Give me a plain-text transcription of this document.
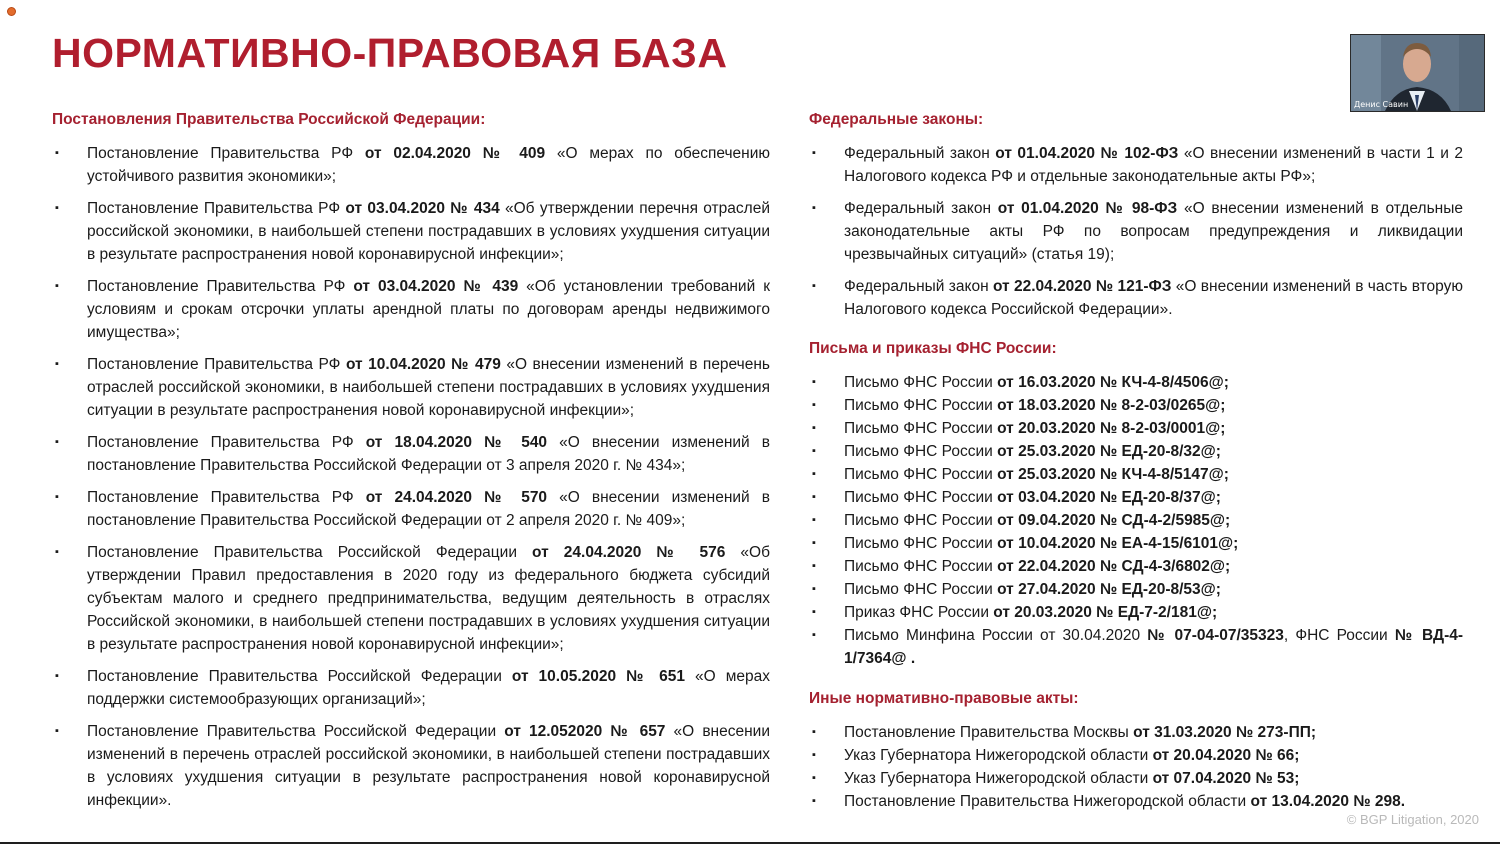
НОРМАТИВНО-ПРАВОВАЯ БАЗА
Денис Савин
Постановления Правительства Российской Федерации:
▪ Постановление Правительства РФ от 02.04.2020 № 409 «О мерах по обеспечению устойчивого развития экономики»;
▪ Постановление Правительства РФ от 03.04.2020 № 434 «Об утверждении перечня отраслей российской экономики, в наибольшей степени пострадавших в условиях ухудшения ситуации в результате распространения новой коронавирусной инфекции»;
▪ Постановление Правительства РФ от 03.04.2020 № 439 «Об установлении требований к условиям и срокам отсрочки уплаты арендной платы по договорам аренды недвижимого имущества»;
▪ Постановление Правительства РФ от 10.04.2020 № 479 «О внесении изменений в перечень отраслей российской экономики, в наибольшей степени пострадавших в условиях ухудшения ситуации в результате распространения новой коронавирусной инфекции»;
▪ Постановление Правительства РФ от 18.04.2020 № 540 «О внесении изменений в постановление Правительства Российской Федерации от 3 апреля 2020 г. № 434»;
▪ Постановление Правительства РФ от 24.04.2020 № 570 «О внесении изменений в постановление Правительства Российской Федерации от 2 апреля 2020 г. № 409»;
▪ Постановление Правительства Российской Федерации от 24.04.2020 № 576 «Об утверждении Правил предоставления в 2020 году из федерального бюджета субсидий субъектам малого и среднего предпринимательства, ведущим деятельность в отраслях Российской экономики, в наибольшей степени пострадавших в условиях ухудшения ситуации в результате распространения новой коронавирусной инфекции»;
▪ Постановление Правительства Российской Федерации от 10.05.2020 № 651 «О мерах поддержки системообразующих организаций»;
▪ Постановление Правительства Российской Федерации от 12.052020 № 657 «О внесении изменений в перечень отраслей российской экономики, в наибольшей степени пострадавших в условиях ухудшения ситуации в результате распространения новой коронавирусной инфекции».
Федеральные законы:
▪ Федеральный закон от 01.04.2020 № 102-ФЗ «О внесении изменений в части 1 и 2 Налогового кодекса РФ и отдельные законодательные акты РФ»;
▪ Федеральный закон от 01.04.2020 № 98-ФЗ «О внесении изменений в отдельные законодательные акты РФ по вопросам предупреждения и ликвидации чрезвычайных ситуаций» (статья 19);
▪ Федеральный закон от 22.04.2020 № 121-ФЗ «О внесении изменений в часть вторую Налогового кодекса Российской Федерации».
Письма и приказы ФНС России:
▪ Письмо ФНС России от 16.03.2020 № КЧ-4-8/4506@;
▪ Письмо ФНС России от 18.03.2020 № 8-2-03/0265@;
▪ Письмо ФНС России от 20.03.2020 № 8-2-03/0001@;
▪ Письмо ФНС России от 25.03.2020 № ЕД-20-8/32@;
▪ Письмо ФНС России от 25.03.2020 № КЧ-4-8/5147@;
▪ Письмо ФНС России от 03.04.2020 № ЕД-20-8/37@;
▪ Письмо ФНС России от 09.04.2020 № СД-4-2/5985@;
▪ Письмо ФНС России от 10.04.2020 № ЕА-4-15/6101@;
▪ Письмо ФНС России от 22.04.2020 № СД-4-3/6802@;
▪ Письмо ФНС России от 27.04.2020 № ЕД-20-8/53@;
▪ Приказ ФНС России от 20.03.2020 № ЕД-7-2/181@;
▪ Письмо Минфина России от 30.04.2020 № 07-04-07/35323, ФНС России № ВД-4-1/7364@ .
Иные нормативно-правовые акты:
▪ Постановление Правительства Москвы от 31.03.2020 № 273-ПП;
▪ Указ Губернатора Нижегородской области от 20.04.2020 № 66;
▪ Указ Губернатора Нижегородской области от 07.04.2020 № 53;
▪ Постановление Правительства Нижегородской области от 13.04.2020 № 298.
© BGP Litigation, 2020
